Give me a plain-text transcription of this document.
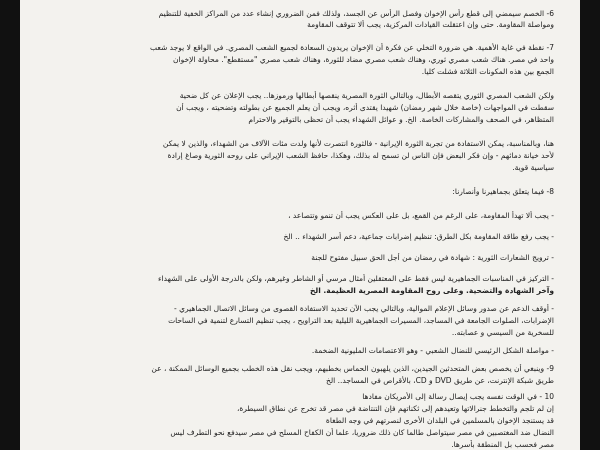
6- الخصم سيمضي إلى قطع رأس الإخوان وفصل الرأس عن الجسد، ولذلك فمن الضروري إنشاء عدد من المراكز الخفية للتنظيم
ومواصلة المقاومة. حتى وإن اعتقلت القيادات المركزية، يجب ألا تتوقف المقاومة
7- نقطة في غاية الأهمية. هي ضرورة التخلي عن فكرة أن الإخوان يريدون السعادة لجميع الشعب المصري. في الواقع لا يوجد شعب
واحد في مصر. هناك شعب مصري ثوري، وهناك شعب مصري مضاد للثورة، وهناك شعب مصري "مستقطع". محاولة الإخوان
الجمع بين هذه المكونات الثلاثة فشلت كليا.
ولكن الشعب المصري الثوري يتقصه الأبطال، وبالتالي الثورة المصرية ينقصها أبطالها ورموزها.. يجب الإعلان عن كل ضحية
سقطت في المواجهات (خاصة خلال شهر رمضان) شهيدا يقتدى أثره، ويجب أن يعلم الجميع عن بطولته وتضحيته ، ويجب أن
المتظاهر، في الصحف والمشاركات الخاصة. الخ. و عوائل الشهداء يجب أن تحظى بالتوقير والاحترام
هنا، وبالمناسبة، يمكن الاستفادة من تجربة الثورة الإيرانية - فالثورة انتصرت لأنها ولدت مئات الآلاف من الشهداء، والذين لا يمكن
لأحد خيانة دمائهم - وإن فكر البعض فإن الناس لن تسمح له بذلك، وهكذا، حافظ الشعب الإيراني على روحه الثورية وصاغ إرادة
سياسية قوية.
8- فيما يتعلق بجماهيرنا وأنصارنا:
- يجب ألا تهدأ المقاومة، على الرغم من القمع، بل على العكس يجب أن تنمو وتتصاعد ،
- يجب رفع طاقة المقاومة بكل الطرق: تنظيم إضرابات جماعية، دعم أسر الشهداء .. الخ
- ترويج الشعارات الثورية : شهادة في رمضان من أجل الحق سبيل مفتوح للجنة
- التركيز في المناسبات الجماهيرية ليس فقط على المعتقلين أمثال مرسي أو الشاطر وغيرهم، ولكن بالدرجة الأولى على الشهداء
وآخر الشهادة والتضحية. وعلى روح المقاومة المصرية العظيمة. الخ
- أوقف الدعم عن صدور وسائل الإعلام الموالية، وبالتالي يجب الآن تحديد الاستفادة القصوى من وسائل الاتصال الجماهيري -
الإضرابات، الصلوات الجامعة في المساجد، المسيرات الجماهيرية الليلية بعد التراويح ، يجب تنظيم التسارع لتنمية في الساحات
للسخرية من السيسي و عصابته..
- مواصلة الشكل الرئيسي للنضال الشعبي - وهو الاعتصامات المليونية الضخمة.
9- وينبغي أن يخصص بعض المتحدثين الجيدين، الذين يلهبون الحماس بخطبهم، ويجب نقل هذه الخطب بجميع الوسائل الممكنة ، عن
طريق شبكة الإنترنت، عن طريق DVD و CD، بالأقراص في المساجد.. الخ
10 - في الوقت نفسه يجب إيصال رسالة إلى الأمريكان مفادها
إن لم تلجم والتخطط جنرالاتها وتعيدهم إلى ثكناتهم فإن التنتاضة في مصر قد تخرج عن نطاق السيطرة،
قد يستنجد الإخوان بالمسلمين في البلدان الأخرى لنصرتهم في وجه الطغاة
النضال ضد المغتصبين في مصر سيتواصل طالما كان ذلك ضروريا، علما أن الكفاح المسلح في مصر سيدفع نحو التطرف ليس
مصر فحسب بل المنطقة بأسرها.
